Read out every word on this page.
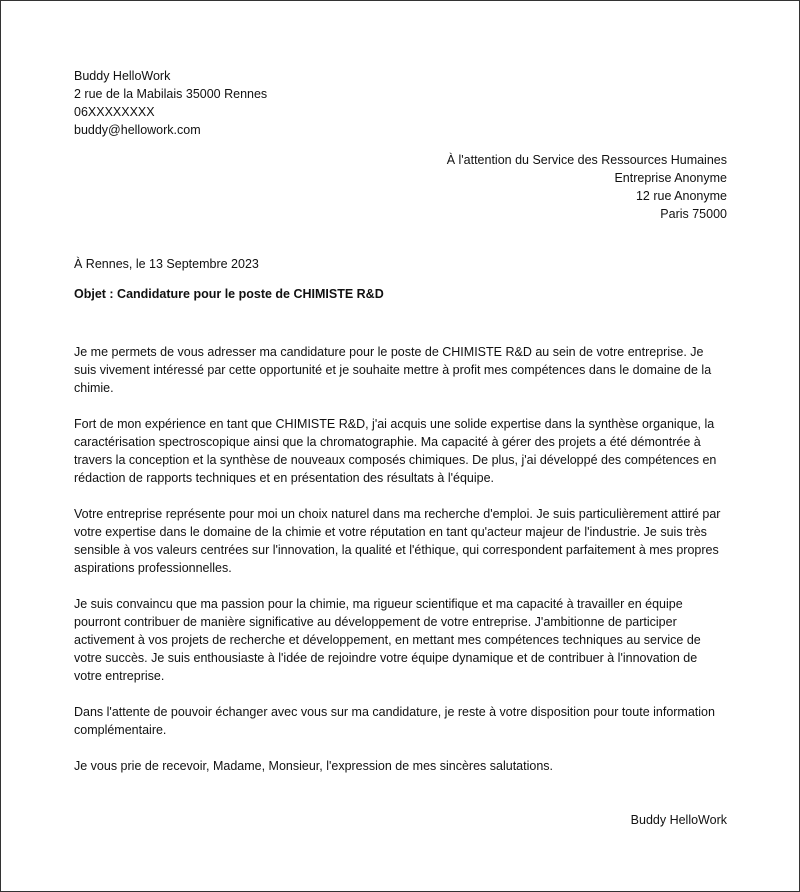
Buddy HelloWork
2 rue de la Mabilais 35000 Rennes
06XXXXXXXX
buddy@hellowork.com
À l'attention du Service des Ressources Humaines
Entreprise Anonyme
12 rue Anonyme
Paris 75000
À Rennes, le 13 Septembre 2023
Objet : Candidature pour le poste de CHIMISTE R&D

Je me permets de vous adresser ma candidature pour le poste de CHIMISTE R&D au sein de votre entreprise. Je suis vivement intéressé par cette opportunité et je souhaite mettre à profit mes compétences dans le domaine de la chimie.

Fort de mon expérience en tant que CHIMISTE R&D, j'ai acquis une solide expertise dans la synthèse organique, la caractérisation spectroscopique ainsi que la chromatographie. Ma capacité à gérer des projets a été démontrée à travers la conception et la synthèse de nouveaux composés chimiques. De plus, j'ai développé des compétences en rédaction de rapports techniques et en présentation des résultats à l'équipe.

Votre entreprise représente pour moi un choix naturel dans ma recherche d'emploi. Je suis particulièrement attiré par votre expertise dans le domaine de la chimie et votre réputation en tant qu'acteur majeur de l'industrie. Je suis très sensible à vos valeurs centrées sur l'innovation, la qualité et l'éthique, qui correspondent parfaitement à mes propres aspirations professionnelles.

Je suis convaincu que ma passion pour la chimie, ma rigueur scientifique et ma capacité à travailler en équipe pourront contribuer de manière significative au développement de votre entreprise. J'ambitionne de participer activement à vos projets de recherche et développement, en mettant mes compétences techniques au service de votre succès. Je suis enthousiaste à l'idée de rejoindre votre équipe dynamique et de contribuer à l'innovation de votre entreprise.

Dans l'attente de pouvoir échanger avec vous sur ma candidature, je reste à votre disposition pour toute information complémentaire.

Je vous prie de recevoir, Madame, Monsieur, l'expression de mes sincères salutations.

Buddy HelloWork
